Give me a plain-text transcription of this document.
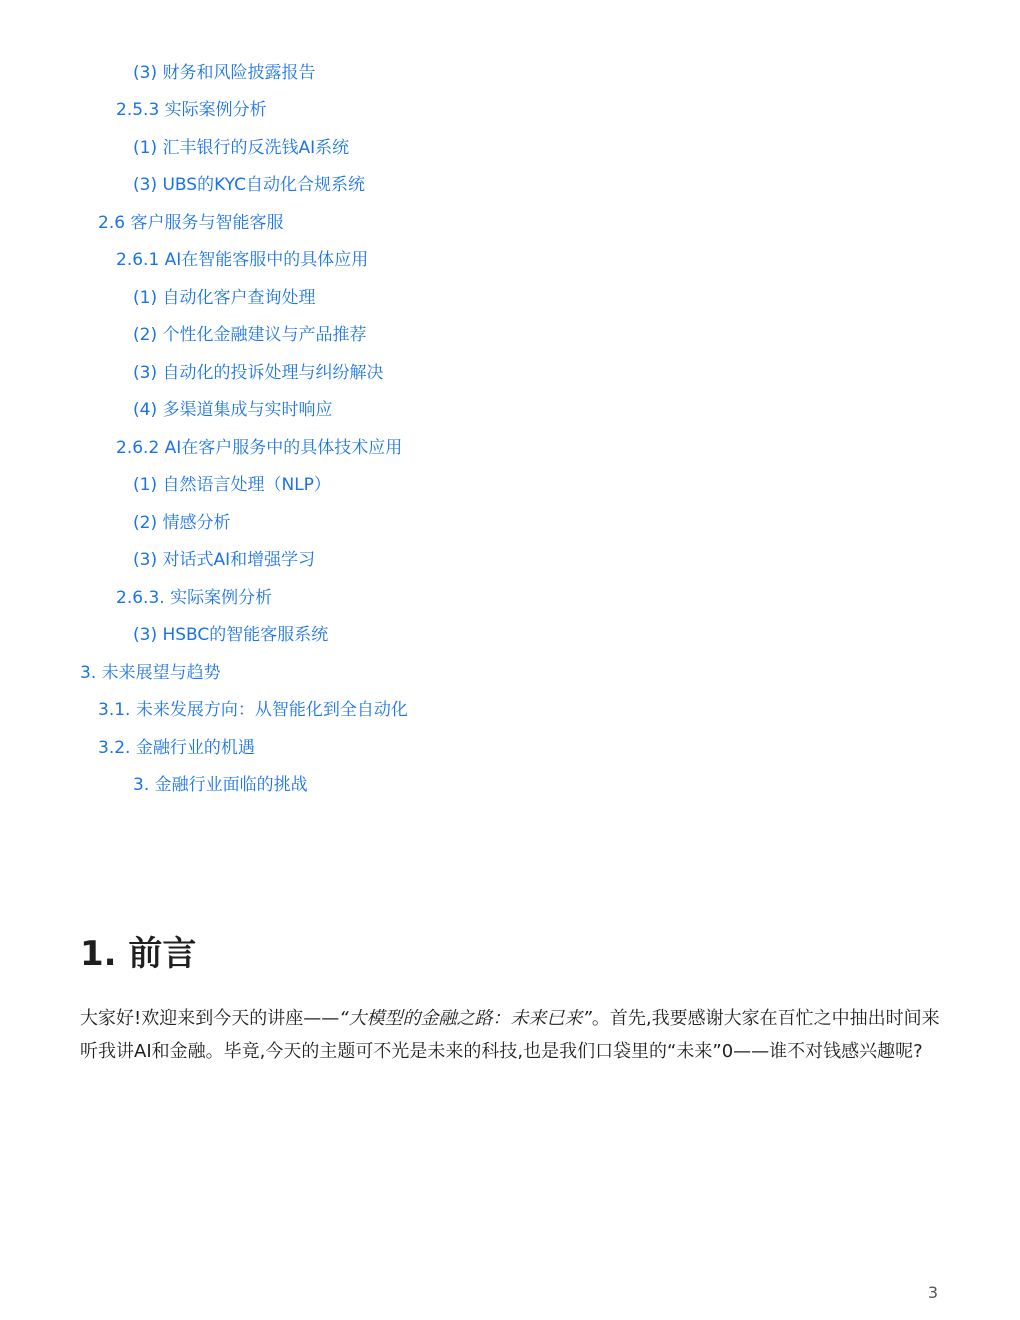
(3) 财务和风险披露报告
2.5.3 实际案例分析
(1) 汇丰银行的反洗钱AI系统
(3) UBS的KYC自动化合规系统
2.6 客户服务与智能客服
2.6.1 AI在智能客服中的具体应用
(1) 自动化客户查询处理
(2) 个性化金融建议与产品推荐
(3) 自动化的投诉处理与纠纷解决
(4) 多渠道集成与实时响应
2.6.2 AI在客户服务中的具体技术应用
(1) 自然语言处理（NLP）
(2) 情感分析
(3) 对话式AI和增强学习
2.6.3. 实际案例分析
(3) HSBC的智能客服系统
3. 未来展望与趋势
3.1. 未来发展方向：从智能化到全自动化
3.2. 金融行业的机遇
3. 金融行业面临的挑战
1. 前言

大家好!欢迎来到今天的讲座——“大模型的金融之路：未来已来”。首先,我要感谢大家在百忙之中抽出时间来听我讲AI和金融。毕竟,今天的主题可不光是未来的科技,也是我们口袋里的“未来”0——谁不对钱感兴趣呢?

3
